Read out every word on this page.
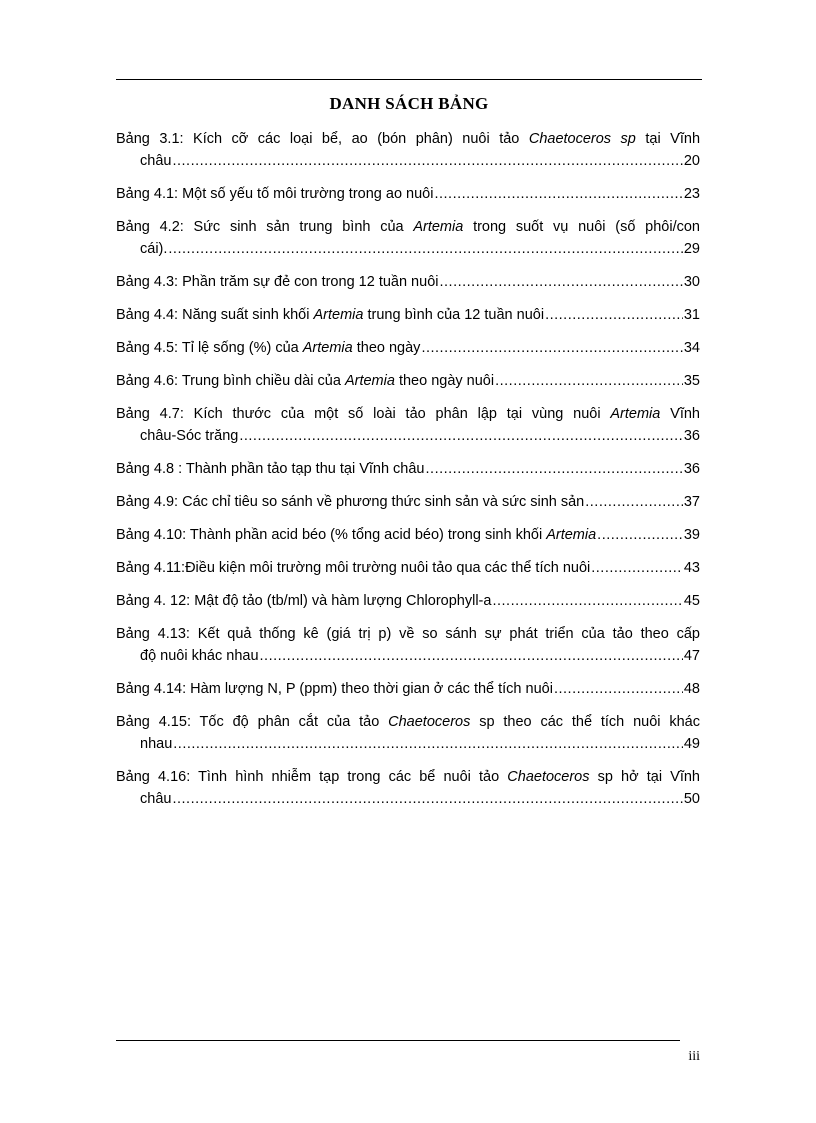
DANH SÁCH BẢNG
Bảng 3.1: Kích cỡ các loại bể, ao (bón phân) nuôi tảo Chaetoceros sp tại Vĩnh
châu .....	20
Bảng 4.1: Một số yếu tố môi trường trong ao nuôi .....	23
Bảng 4.2: Sức sinh sản trung bình của Artemia trong suốt vụ nuôi (số phôi/con
cái). .....	29
Bảng 4.3: Phần trăm sự đẻ con trong 12 tuần nuôi .....	30
Bảng 4.4: Năng suất sinh khối Artemia trung bình của 12 tuần nuôi .....	31
Bảng 4.5: Tỉ lệ sống (%) của Artemia theo ngày .....	34
Bảng 4.6: Trung bình chiều dài của Artemia theo ngày nuôi .....	35
Bảng 4.7: Kích thước của một số loài tảo phân lập tại vùng nuôi Artemia Vĩnh
châu-Sóc trăng .....	36
Bảng 4.8 : Thành phần tảo tạp thu tại Vĩnh châu .....	36
Bảng 4.9: Các chỉ tiêu so sánh về phương thức sinh sản và sức sinh sản .....	37
Bảng 4.10: Thành phần acid béo (% tổng acid béo) trong sinh khối Artemia .....	39
Bảng 4.11:Điều kiện môi trường môi trường nuôi tảo qua các thể tích nuôi .....	43
Bảng 4. 12: Mật độ tảo (tb/ml) và hàm lượng Chlorophyll-a .....	45
Bảng 4.13: Kết quả thống kê (giá trị p) về so sánh sự phát triển của tảo theo cấp
độ nuôi khác nhau .....	47
Bảng 4.14: Hàm lượng N, P (ppm) theo thời gian ở các thể tích nuôi .....	48
Bảng 4.15: Tốc độ phân cắt của tảo Chaetoceros sp theo các thể tích nuôi khác
nhau .....	49
Bảng 4.16: Tình hình nhiễm tạp trong các bể nuôi tảo Chaetoceros sp hở tại Vĩnh
châu .....	50
iii
